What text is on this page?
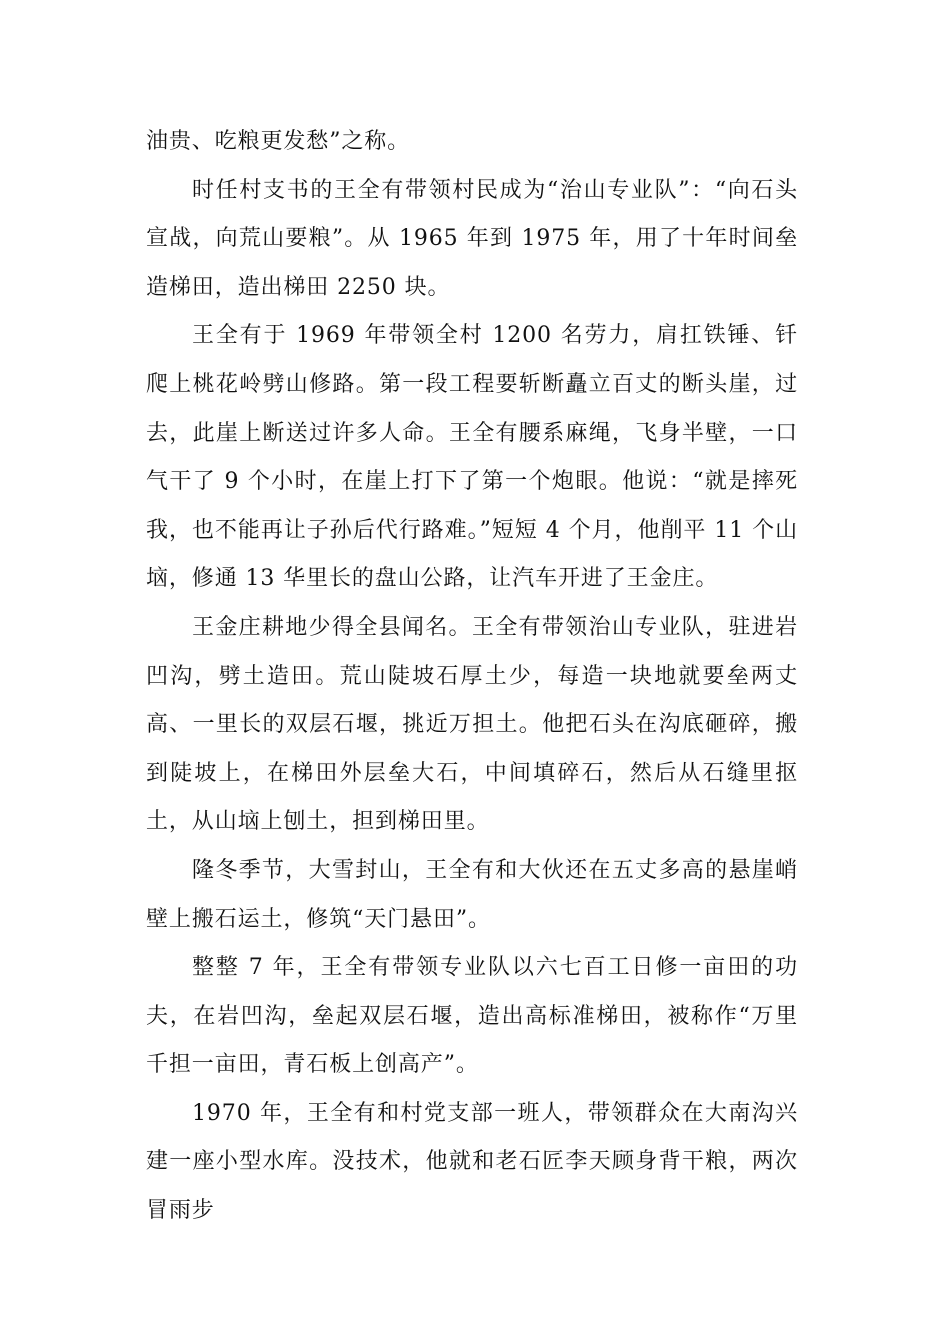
油贵、吃粮更发愁”之称。

时任村支书的王全有带领村民成为“治山专业队”：“向石头宣战，向荒山要粮”。从 1965 年到 1975 年，用了十年时间垒造梯田，造出梯田 2250 块。

王全有于 1969 年带领全村 1200 名劳力，肩扛铁锤、钎爬上桃花岭劈山修路。第一段工程要斩断矗立百丈的断头崖，过去，此崖上断送过许多人命。王全有腰系麻绳，飞身半壁，一口气干了 9 个小时，在崖上打下了第一个炮眼。他说：“就是摔死我，也不能再让子孙后代行路难。”短短 4 个月，他削平 11 个山垴，修通 13 华里长的盘山公路，让汽车开进了王金庄。

王金庄耕地少得全县闻名。王全有带领治山专业队，驻进岩凹沟，劈土造田。荒山陡坡石厚土少，每造一块地就要垒两丈高、一里长的双层石堰，挑近万担土。他把石头在沟底砸碎，搬到陡坡上，在梯田外层垒大石，中间填碎石，然后从石缝里抠土，从山垴上刨土，担到梯田里。

隆冬季节，大雪封山，王全有和大伙还在五丈多高的悬崖峭壁上搬石运土，修筑“天门悬田”。

整整 7 年，王全有带领专业队以六七百工日修一亩田的功夫，在岩凹沟，垒起双层石堰，造出高标准梯田，被称作“万里千担一亩田，青石板上创高产”。

1970 年，王全有和村党支部一班人，带领群众在大南沟兴建一座小型水库。没技术，他就和老石匠李天顾身背干粮，两次冒雨步
